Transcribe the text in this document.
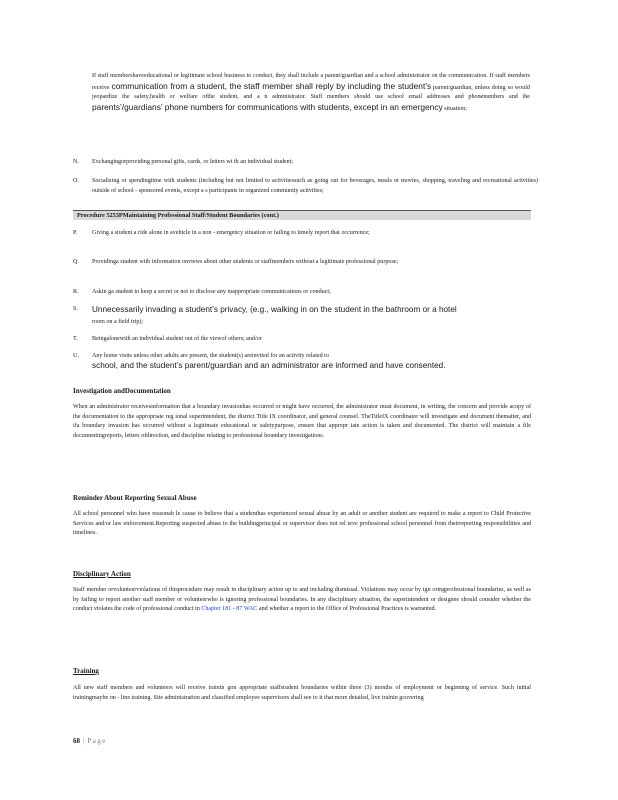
If staff membershaveeducational or legitimate school business to conduct, they shall include a parent/guardian and a school administrator on the communication. If staff members receive communication from a student, the staff member shall reply by including the student’s parent/guardian, unless doing so would jeopardize the safety,health or welfare ofthe student, and a n administrator. Staff members should use school email addresses and phonenumbers and the parents’/guardians’ phone numbers for communications with students, except in an emergency situation;
N. Exchangingorproviding personal gifts, cards, or letters wi th an individual student;
O. Socializing or spendingtime with students (including but not limited to activitiessuch as going out for beverages, meals or movies, shopping, traveling and recreational activities) outside of school - sponsored events, except a s participants in organized community activities;
Procedure 5253PMaintaining Professional Staff/Student Boundaries (cont.)
P. Giving a student a ride alone in avehicle in a non - emergency situation or failing to timely report that occurrence;
Q. Providinga student with information onviews about other students or staffmembers without a legitimate professional purpose;
R. Askin ga student to keep a secret or not to disclose any inappropriate communications or conduct;
S. Unnecessarily invading a student’s privacy, (e.g., walking in on the student in the bathroom or a hotel
room on a field trip);
T. Beingalonewith an individual student out of the viewof others; and/or
U. Any home visits unless other adults are present, the student(s) areinvited for an activity related to
school, and the student’s parent/guardian and an administrator are informed and have consented.
Investigation andDocumentation
When an administrator receivesinformation that a boundary invasionhas occurred or might have occurred, the administrator must document, in writing, the concern and provide acopy of the documentation to the appropriate reg ional superintendent, the district Title IX coordinator, and general counsel. TheTitleIX coordinator will investigate and document thematter, and ifa boundary invasion has occurred without a legitimate educational or safetypurpose, ensure that appropr iate action is taken and documented. The district will maintain a file documentingreports, letters ofdirection, and discipline relating to professional boundary investigations.
Reminder About Reporting Sexual Abuse
All school personnel who have reasonab le cause to believe that a studenthas experienced sexual abuse by an adult or another student are required to make a report to Child Protective Services and/or law enforcement.Reporting suspected abuse to the buildingprincipal or supervisor does not rel ieve professional school personnel from theirreporting responsibilities and timelines.
Disciplinary Action
Staff member orvolunteerviolations of thisprocedure may result in disciplinary action up to and including dismissal. Violations may occur by ign oringprofessional boundaries, as well as by failing to report another staff member or volunteerwho is ignoring professional boundaries. In any disciplinary situation, the superintendent or designee should consider whether the conduct violates the code of professional conduct in Chapter 181 - 87 WAC and whether a report to the Office of Professional Practices is warranted.
Training
All new staff members and volunteers will receive trainin gon appropriate staffstudent boundaries within three (3) months of employment or beginning of service. Such initial trainingmaybe on - line training. Site administration and classified employee supervisors shall see to it that more detailed, live trainin gcovering
68 | Page
